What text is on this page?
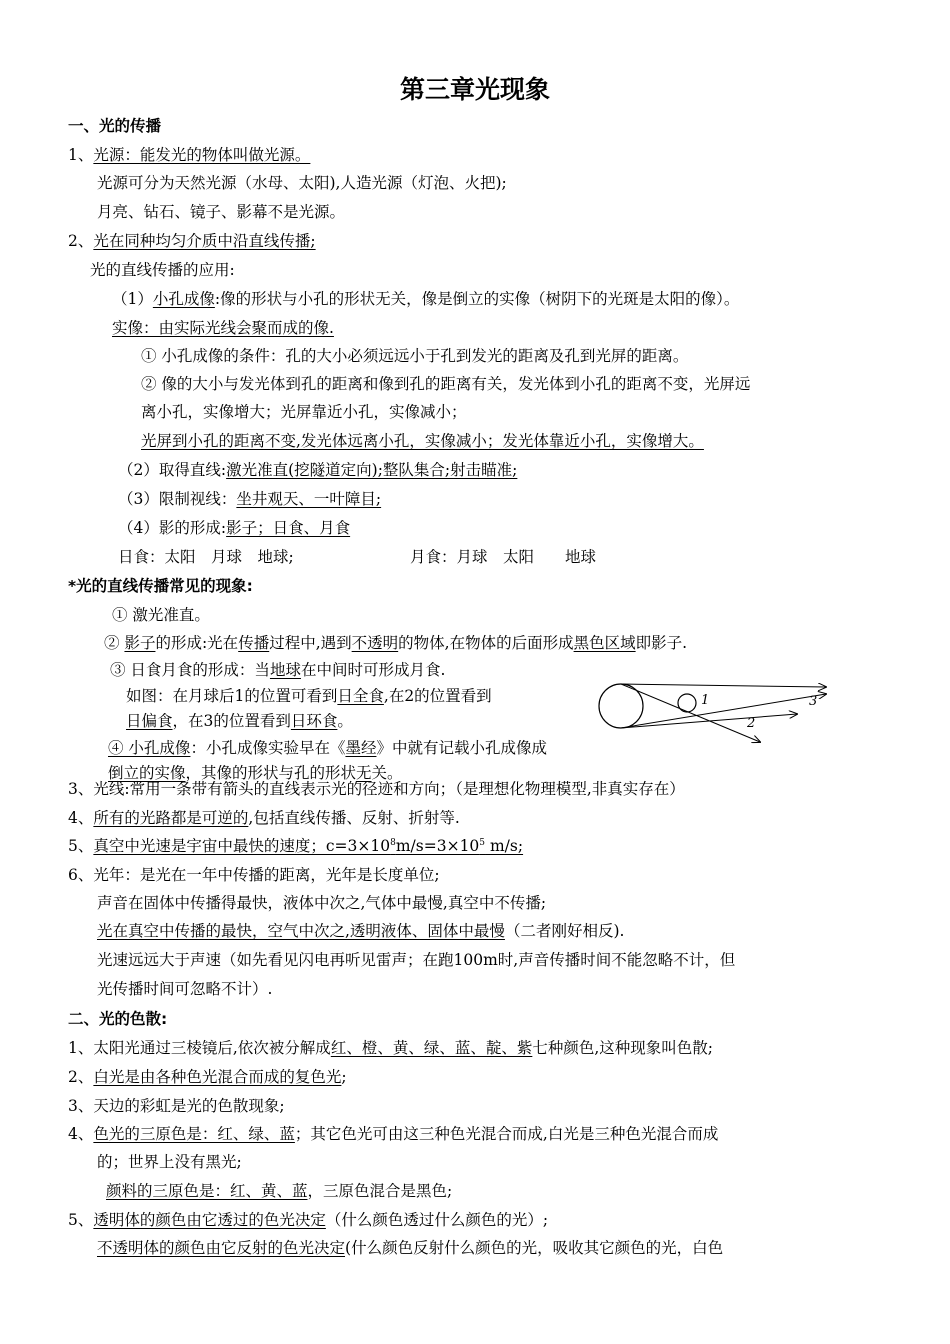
第三章光现象
一、光的传播
1、光源：能发光的物体叫做光源。
光源可分为天然光源（水母、太阳),人造光源（灯泡、火把);
月亮、钻石、镜子、影幕不是光源。
2、光在同种均匀介质中沿直线传播;
光的直线传播的应用:
（1）小孔成像:像的形状与小孔的形状无关，像是倒立的实像（树阴下的光斑是太阳的像）。
实像：由实际光线会聚而成的像.
① 小孔成像的条件：孔的大小必须远远小于孔到发光的距离及孔到光屏的距离。
② 像的大小与发光体到孔的距离和像到孔的距离有关，发光体到小孔的距离不变，光屏远
离小孔，实像增大；光屏靠近小孔，实像减小；
光屏到小孔的距离不变,发光体远离小孔，实像减小；发光体靠近小孔，实像增大。
（2）取得直线:激光准直(挖隧道定向);整队集合;射击瞄准;
（3）限制视线：坐井观天、一叶障目;
（4）影的形成:影子；日食、月食
日食：太阳　月球　地球;	月食：月球　太阳　　地球
*光的直线传播常见的现象:
① 激光准直。
② 影子的形成:光在传播过程中,遇到不透明的物体,在物体的后面形成黑色区域即影子.
③ 日食月食的形成：当地球在中间时可形成月食.
如图：在月球后1的位置可看到日全食,在2的位置看到
日偏食，在3的位置看到日环食。
④ 小孔成像：小孔成像实验早在《墨经》中就有记载小孔成像成
倒立的实像，其像的形状与孔的形状无关。
1
2
3
3、光线:常用一条带有箭头的直线表示光的径迹和方向；（是理想化物理模型,非真实存在）
4、所有的光路都是可逆的,包括直线传播、反射、折射等.
5、真空中光速是宇宙中最快的速度；$c=3\times 10^8m/s=3\times 10^5$ m/s;
6、光年：是光在一年中传播的距离，光年是长度单位;
声音在固体中传播得最快，液体中次之,气体中最慢,真空中不传播;
光在真空中传播的最快，空气中次之,透明液体、固体中最慢（二者刚好相反).
光速远远大于声速（如先看见闪电再听见雷声；在跑100m时,声音传播时间不能忽略不计，但
光传播时间可忽略不计）.
二、光的色散:
1、太阳光通过三棱镜后,依次被分解成红、橙、黄、绿、蓝、靛、紫七种颜色,这种现象叫色散;
2、白光是由各种色光混合而成的复色光;
3、天边的彩虹是光的色散现象;
4、色光的三原色是：红、绿、蓝；其它色光可由这三种色光混合而成,白光是三种色光混合而成
的；世界上没有黑光;
颜料的三原色是：红、黄、蓝，三原色混合是黑色;
5、透明体的颜色由它透过的色光决定（什么颜色透过什么颜色的光）;
不透明体的颜色由它反射的色光决定(什么颜色反射什么颜色的光，吸收其它颜色的光，白色
